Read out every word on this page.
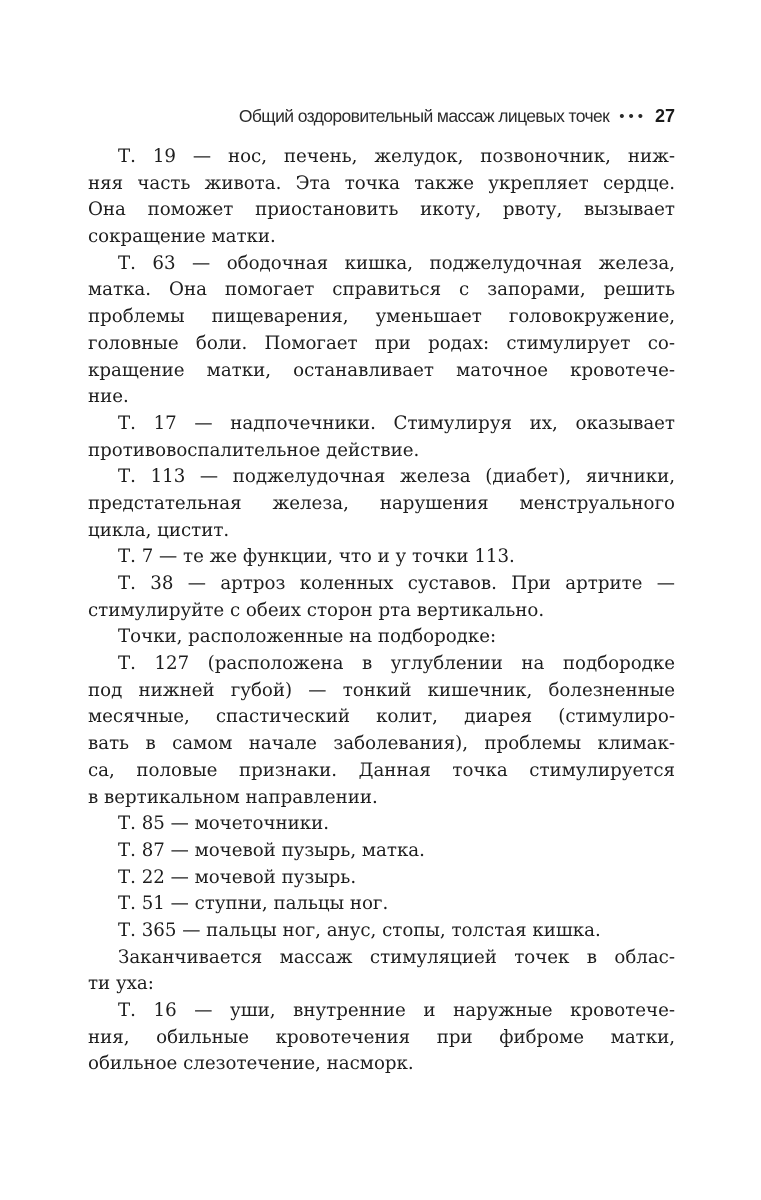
Общий оздоровительный массаж лицевых точек ••• 27
Т. 19 — нос, печень, желудок, позвоночник, ниж-
няя часть живота. Эта точка также укрепляет сердце.
Она поможет приостановить икоту, рвоту, вызывает
сокращение матки.
Т. 63 — ободочная кишка, поджелудочная железа,
матка. Она помогает справиться с запорами, решить
проблемы пищеварения, уменьшает головокружение,
головные боли. Помогает при родах: стимулирует со-
кращение матки, останавливает маточное кровотече-
ние.
Т. 17 — надпочечники. Стимулируя их, оказывает
противовоспалительное действие.
Т. 113 — поджелудочная железа (диабет), яичники,
предстательная железа, нарушения менструального
цикла, цистит.
Т. 7 — те же функции, что и у точки 113.
Т. 38 — артроз коленных суставов. При артрите —
стимулируйте с обеих сторон рта вертикально.
Точки, расположенные на подбородке:
Т. 127 (расположена в углублении на подбородке
под нижней губой) — тонкий кишечник, болезненные
месячные, спастический колит, диарея (стимулиро-
вать в самом начале заболевания), проблемы климак-
са, половые признаки. Данная точка стимулируется
в вертикальном направлении.
Т. 85 — мочеточники.
Т. 87 — мочевой пузырь, матка.
Т. 22 — мочевой пузырь.
Т. 51 — ступни, пальцы ног.
Т. 365 — пальцы ног, анус, стопы, толстая кишка.
Заканчивается массаж стимуляцией точек в облас-
ти уха:
Т. 16 — уши, внутренние и наружные кровотече-
ния, обильные кровотечения при фиброме матки,
обильное слезотечение, насморк.
